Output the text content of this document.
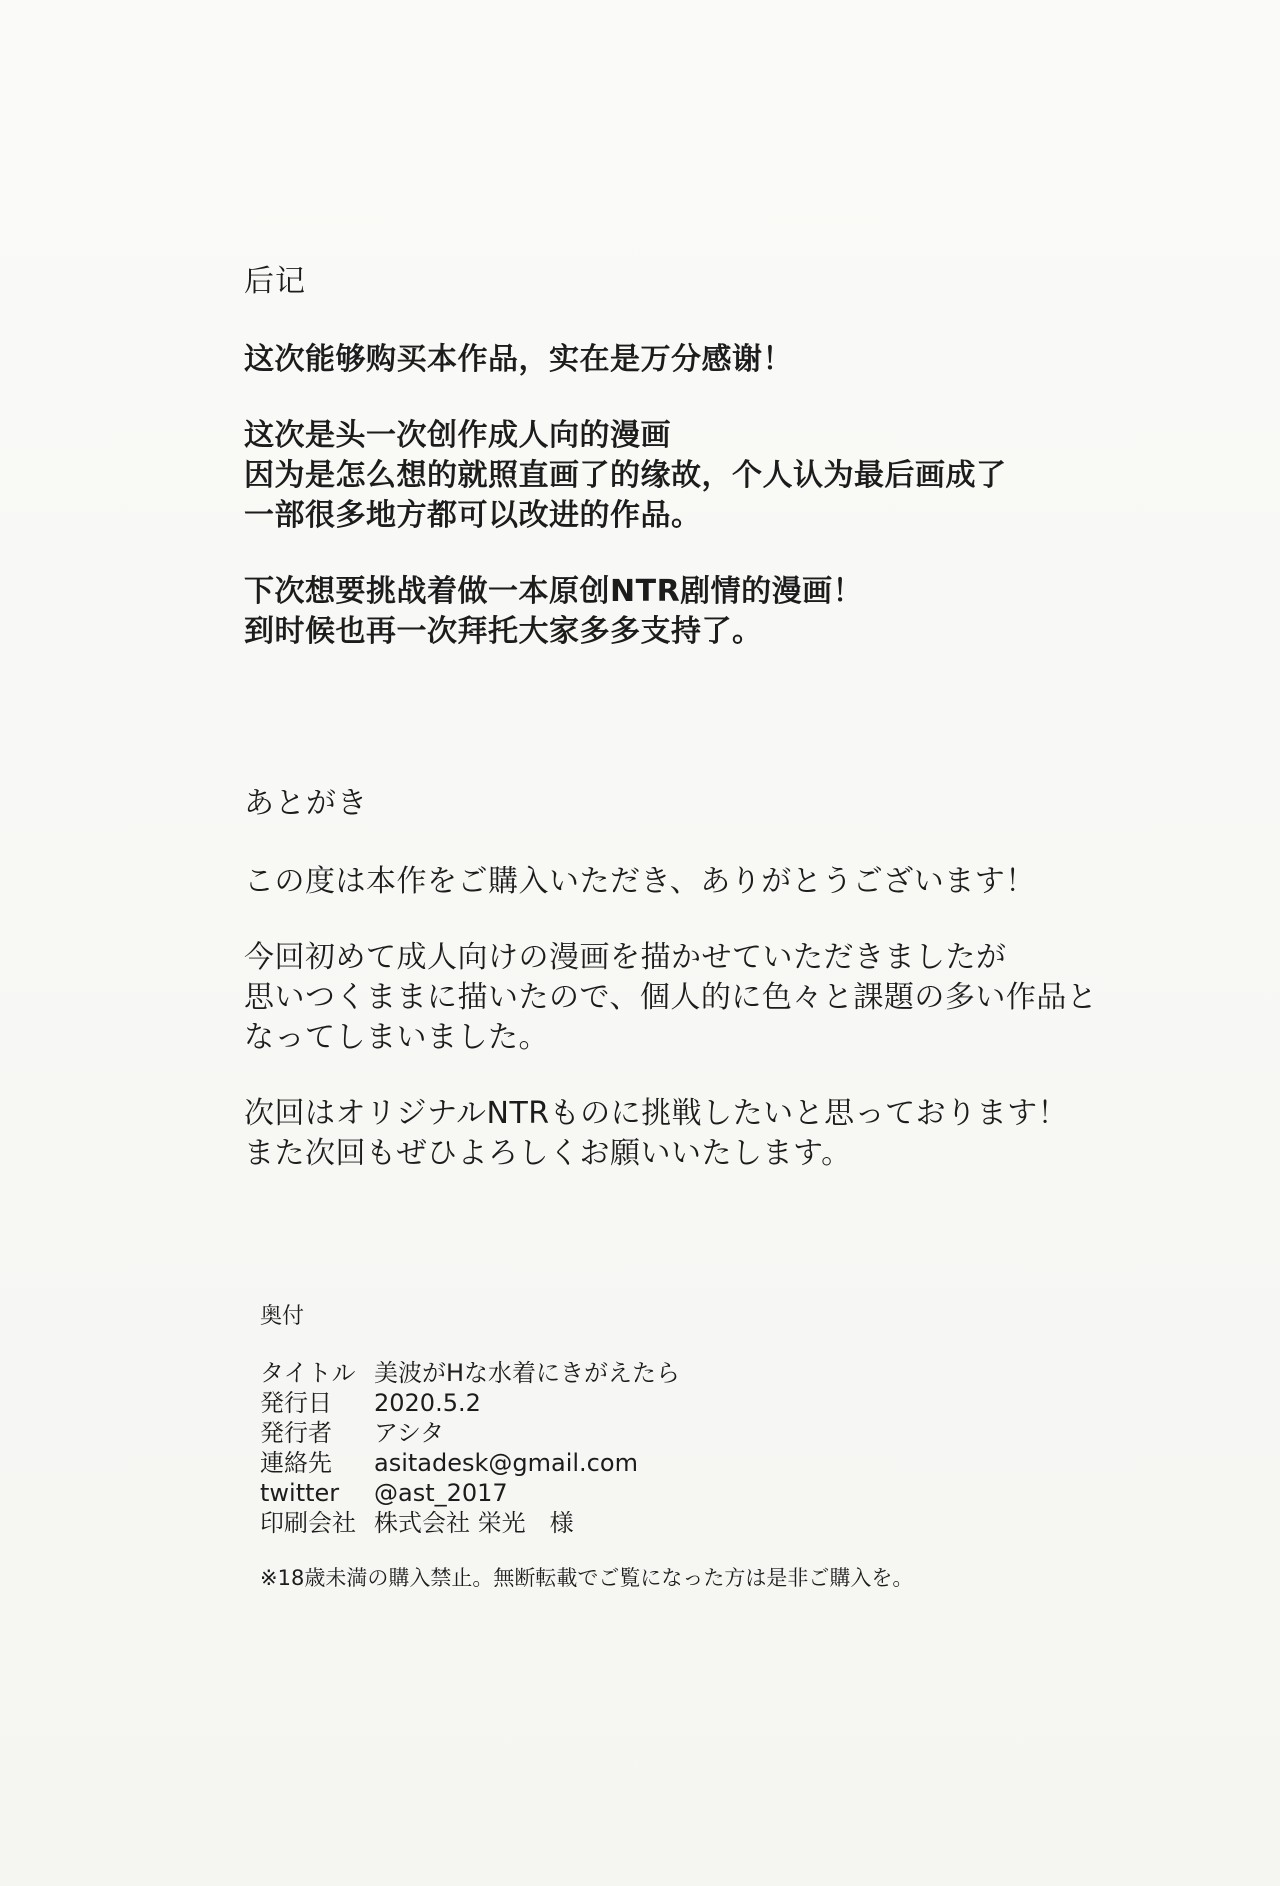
后记
这次能够购买本作品，实在是万分感谢！
这次是头一次创作成人向的漫画
因为是怎么想的就照直画了的缘故，个人认为最后画成了
一部很多地方都可以改进的作品。
下次想要挑战着做一本原创NTR剧情的漫画！
到时候也再一次拜托大家多多支持了。
あとがき
この度は本作をご購入いただき、ありがとうございます！
今回初めて成人向けの漫画を描かせていただきましたが
思いつくままに描いたので、個人的に色々と課題の多い作品と
なってしまいました。
次回はオリジナルNTRものに挑戦したいと思っております！
また次回もぜひよろしくお願いいたします。
奥付
タイトル	美波がHな水着にきがえたら
発行日	2020.5.2
発行者	アシタ
連絡先	asitadesk@gmail.com
twitter	@ast_2017
印刷会社	株式会社 栄光　様
※18歳未満の購入禁止。無断転載でご覧になった方は是非ご購入を。
